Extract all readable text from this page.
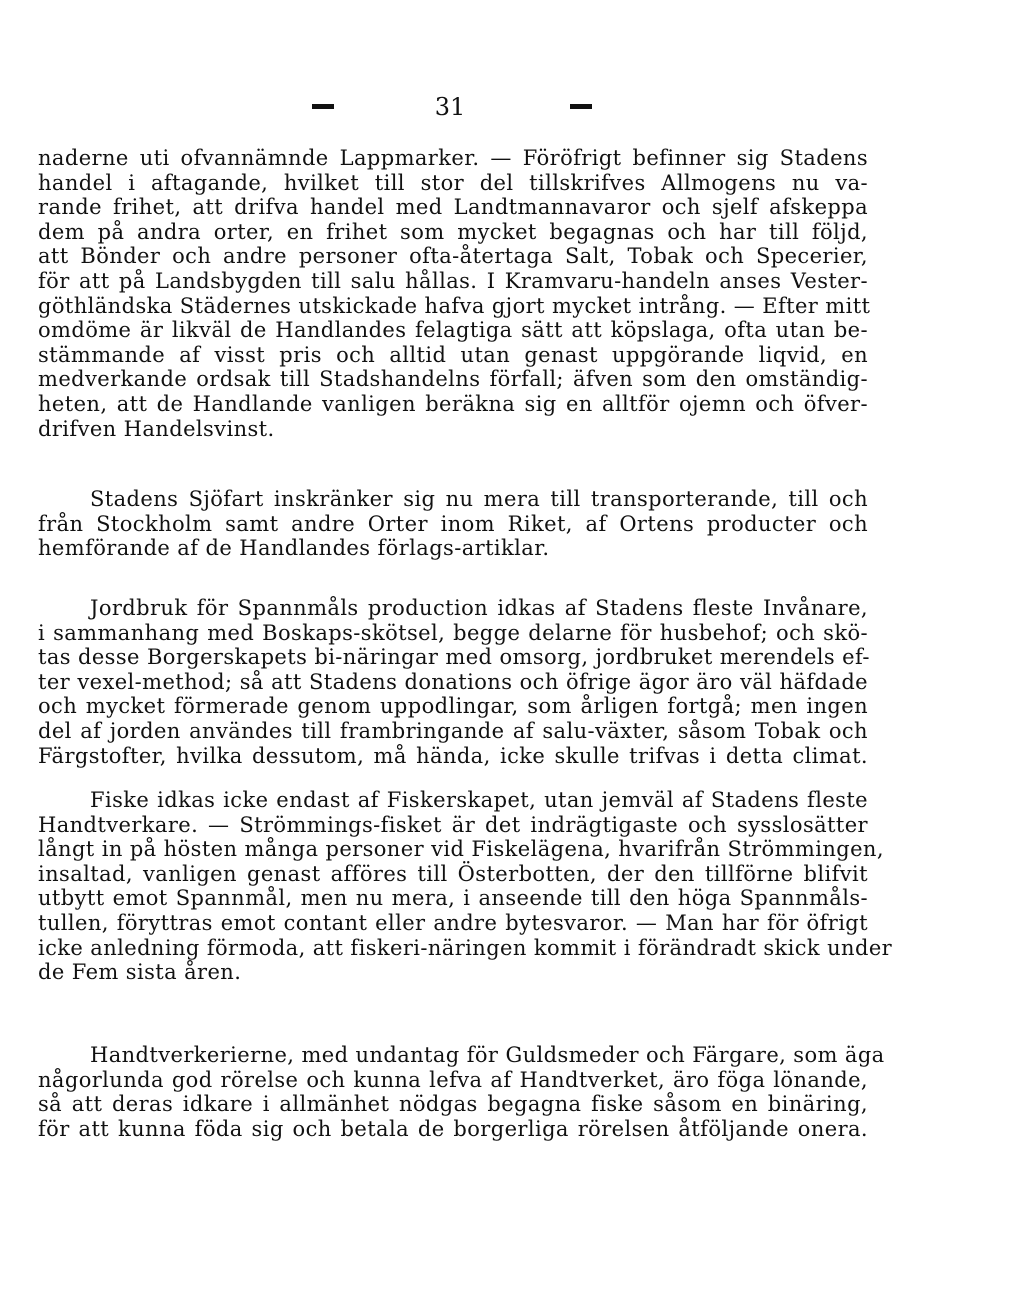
31

naderne uti ofvannämnde Lappmarker. — Föröfrigt befinner sig Stadens
handel i aftagande, hvilket till stor del tillskrifves Allmogens nu va-
rande frihet, att drifva handel med Landtmannavaror och sjelf afskeppa
dem på andra orter, en frihet som mycket begagnas och har till följd,
att Bönder och andre personer ofta-återtaga Salt, Tobak och Specerier,
för att på Landsbygden till salu hållas. I Kramvaru-handeln anses Vester-
göthländska Städernes utskickade hafva gjort mycket intrång. — Efter mitt
omdöme är likväl de Handlandes felagtiga sätt att köpslaga, ofta utan be-
stämmande af visst pris och alltid utan genast uppgörande liqvid, en
medverkande ordsak till Stadshandelns förfall; äfven som den omständig-
heten, att de Handlande vanligen beräkna sig en alltför ojemn och öfver-
drifven Handelsvinst.

Stadens Sjöfart inskränker sig nu mera till transporterande, till och
från Stockholm samt andre Orter inom Riket, af Ortens producter och
hemförande af de Handlandes förlags-artiklar.

Jordbruk för Spannmåls production idkas af Stadens fleste Invånare,
i sammanhang med Boskaps-skötsel, begge delarne för husbehof; och skö-
tas desse Borgerskapets bi-näringar med omsorg, jordbruket merendels ef-
ter vexel-method; så att Stadens donations och öfrige ägor äro väl häfdade
och mycket förmerade genom uppodlingar, som årligen fortgå; men ingen
del af jorden användes till frambringande af salu-växter, såsom Tobak och
Färgstofter, hvilka dessutom, må hända, icke skulle trifvas i detta climat.

Fiske idkas icke endast af Fiskerskapet, utan jemväl af Stadens fleste
Handtverkare. — Strömmings-fisket är det indrägtigaste och sysslosätter
långt in på hösten många personer vid Fiskelägena, hvarifrån Strömmingen,
insaltad, vanligen genast afföres till Österbotten, der den tillförne blifvit
utbytt emot Spannmål, men nu mera, i anseende till den höga Spannmåls-
tullen, föryttras emot contant eller andre bytesvaror. — Man har för öfrigt
icke anledning förmoda, att fiskeri-näringen kommit i förändradt skick under
de Fem sista åren.

Handtverkerierne, med undantag för Guldsmeder och Färgare, som äga
någorlunda god rörelse och kunna lefva af Handtverket, äro föga lönande,
så att deras idkare i allmänhet nödgas begagna fiske såsom en binäring,
för att kunna föda sig och betala de borgerliga rörelsen åtföljande onera.
